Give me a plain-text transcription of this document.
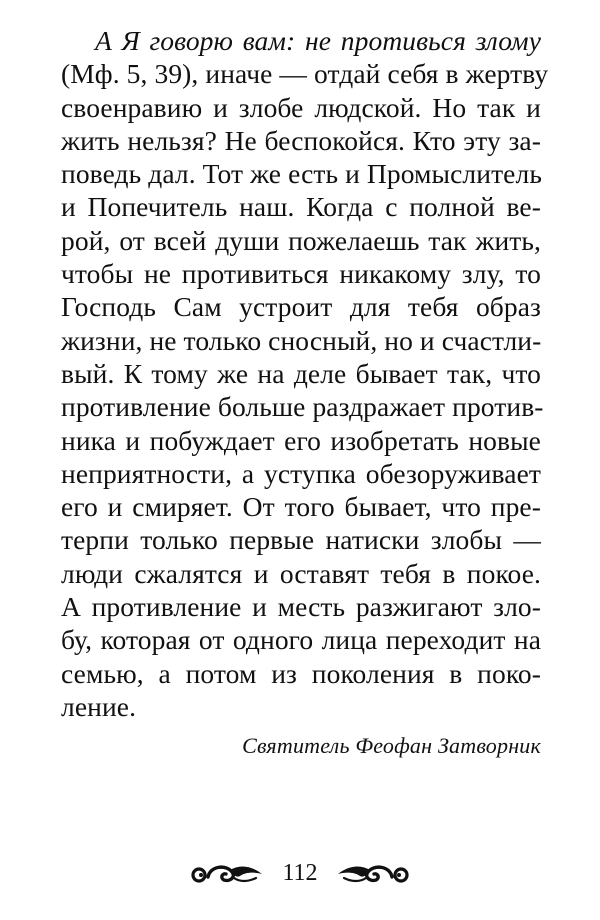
А Я говорю вам: не противься злому
(Мф. 5, 39), иначе — отдай себя в жертву
своенравию и злобе людской. Но так и
жить нельзя? Не беспокойся. Кто эту за-
поведь дал. Тот же есть и Промыслитель
и Попечитель наш. Когда с полной ве-
рой, от всей души пожелаешь так жить,
чтобы не противиться никакому злу, то
Господь Сам устроит для тебя образ
жизни, не только сносный, но и счастли-
вый. К тому же на деле бывает так, что
противление больше раздражает против-
ника и побуждает его изобретать новые
неприятности, а уступка обезоруживает
его и смиряет. От того бывает, что пре-
терпи только первые натиски злобы —
люди сжалятся и оставят тебя в покое.
А противление и месть разжигают зло-
бу, которая от одного лица переходит на
семью, а потом из поколения в поко-
ление.
Святитель Феофан Затворник
112
